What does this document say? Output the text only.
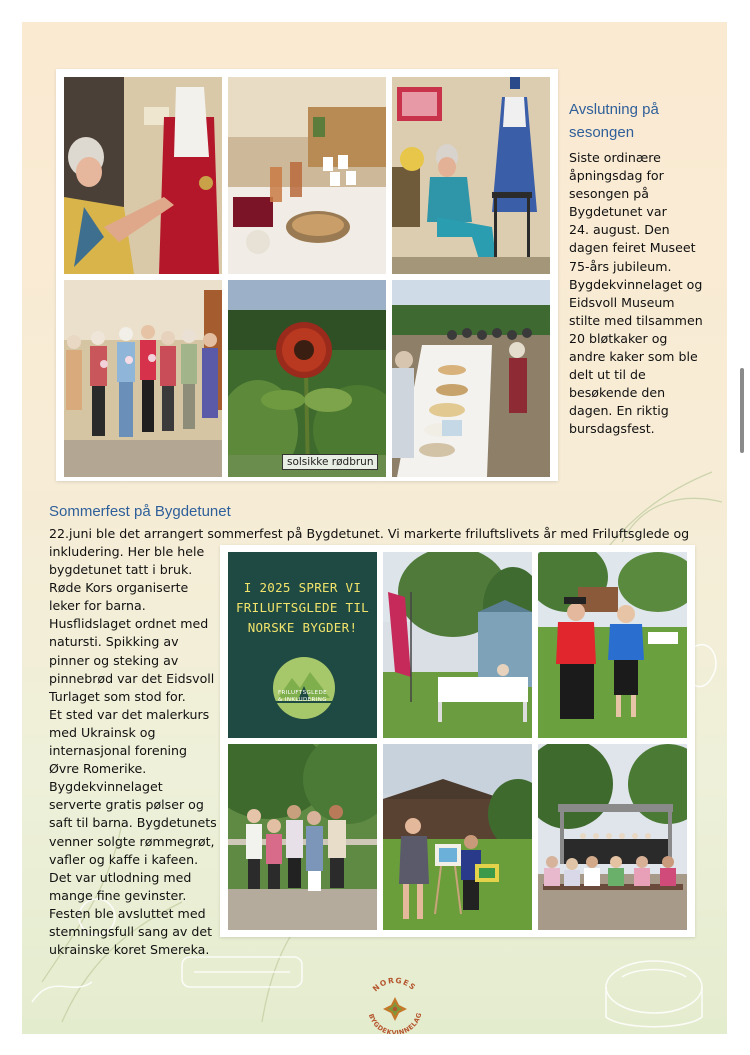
solsikke rødbrun
Avslutning på
sesongen

Siste ordinære

åpningsdag for

sesongen på

Bygdetunet var

24. august. Den

dagen feiret Museet

75-års jubileum.

Bygdekvinnelaget og

Eidsvoll Museum

stilte med tilsammen

20 bløtkaker og

andre kaker som ble

delt ut til de

besøkende den

dagen. En riktig

bursdagsfest.

Sommerfest på Bygdetunet
22.juni ble det arrangert sommerfest på Bygdetunet. Vi markerte friluftslivets år med Friluftsglede og

inkludering. Her ble hele

bygdetunet tatt i bruk.

Røde Kors organiserte

leker for barna.

Husflidslaget ordnet med

natursti. Spikking av

pinner og steking av

pinnebrød var det Eidsvoll

Turlaget som stod for.

Et sted var det malerkurs

med Ukrainsk og

internasjonal forening

Øvre Romerike.

Bygdekvinnelaget

serverte gratis pølser og

saft til barna. Bygdetunets

venner solgte rømmegrøt,

vafler og kaffe i kafeen.

Det var utlodning med

mange fine gevinster.

Festen ble avsluttet med

stemningsfull sang av det

ukrainske koret Smereka.

I 2025 SPRER VI
FRILUFTSGLEDE TIL
NORSKE BYGDER!
FRILUFTSGLEDE
& INKLUDERING
NORGES
BYGDEKVINNELAG
